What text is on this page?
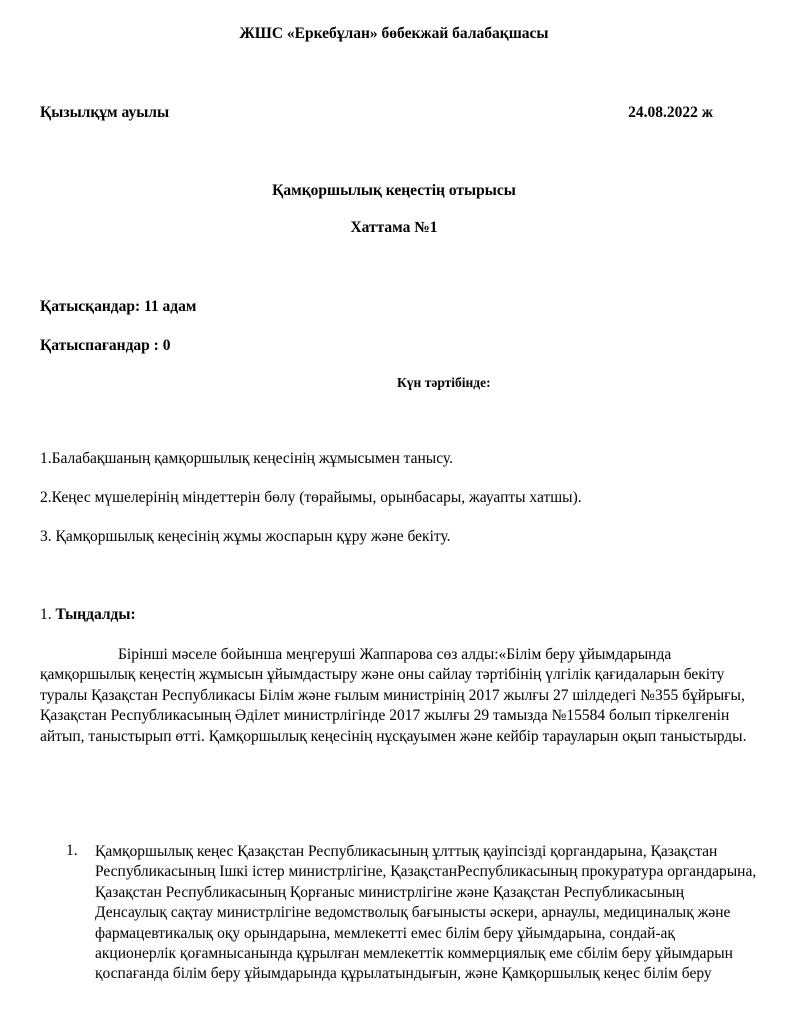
ЖШС «Еркебұлан» бөбекжай балабақшасы
Қызылқұм ауылы	24.08.2022 ж
Қамқоршылық кеңестің отырысы
Хаттама №1
Қатысқандар: 11 адам
Қатыспағандар : 0
Күн тәртібінде:
1.Балабақшаның қамқоршылық кеңесінің жұмысымен танысу.
2.Кеңес мүшелерінің міндеттерін бөлу (төрайымы, орынбасары, жауапты хатшы).
3. Қамқоршылық кеңесінің жұмы жоспарын құру және бекіту.
1. Тыңдалды:
Бірінші мәселе бойынша меңгеруші Жаппарова сөз алды:«Білім беру ұйымдарында қамқоршылық кеңестің жұмысын ұйымдастыру және оны сайлау тәртібінің үлгілік қағидаларын бекіту туралы Қазақстан Республикасы Білім және ғылым министрінің 2017 жылғы 27 шілдедегі №355 бұйрығы, Қазақстан Республикасының Әділет министрлігінде 2017 жылғы 29 тамызда №15584 болып тіркелгенін айтып, таныстырып өтті. Қамқоршылық кеңесінің нұсқауымен және кейбір тарауларын оқып таныстырды.
1. Қамқоршылық кеңес Қазақстан Республикасының ұлттық қауіпсізді қоргандарына, Қазақстан Республикасының Ішкі істер министрлігіне, ҚазақстанРеспубликасының прокуратура органдарына, Қазақстан Республикасының Қорғаныс министрлігіне және Қазақстан Республикасының Денсаулық сақтау министрлігіне ведомстволық бағынысты әскери, арнаулы, медициналық және фармацевтикалық оқу орындарына, мемлекетті емес білім беру ұйымдарына, сондай-ақ акционерлік қоғамнысанында құрылған мемлекеттік коммерциялық еме сбілім беру ұйымдарын қоспағанда білім беру ұйымдарында құрылатындығын, және Қамқоршылық кеңес білім беру
